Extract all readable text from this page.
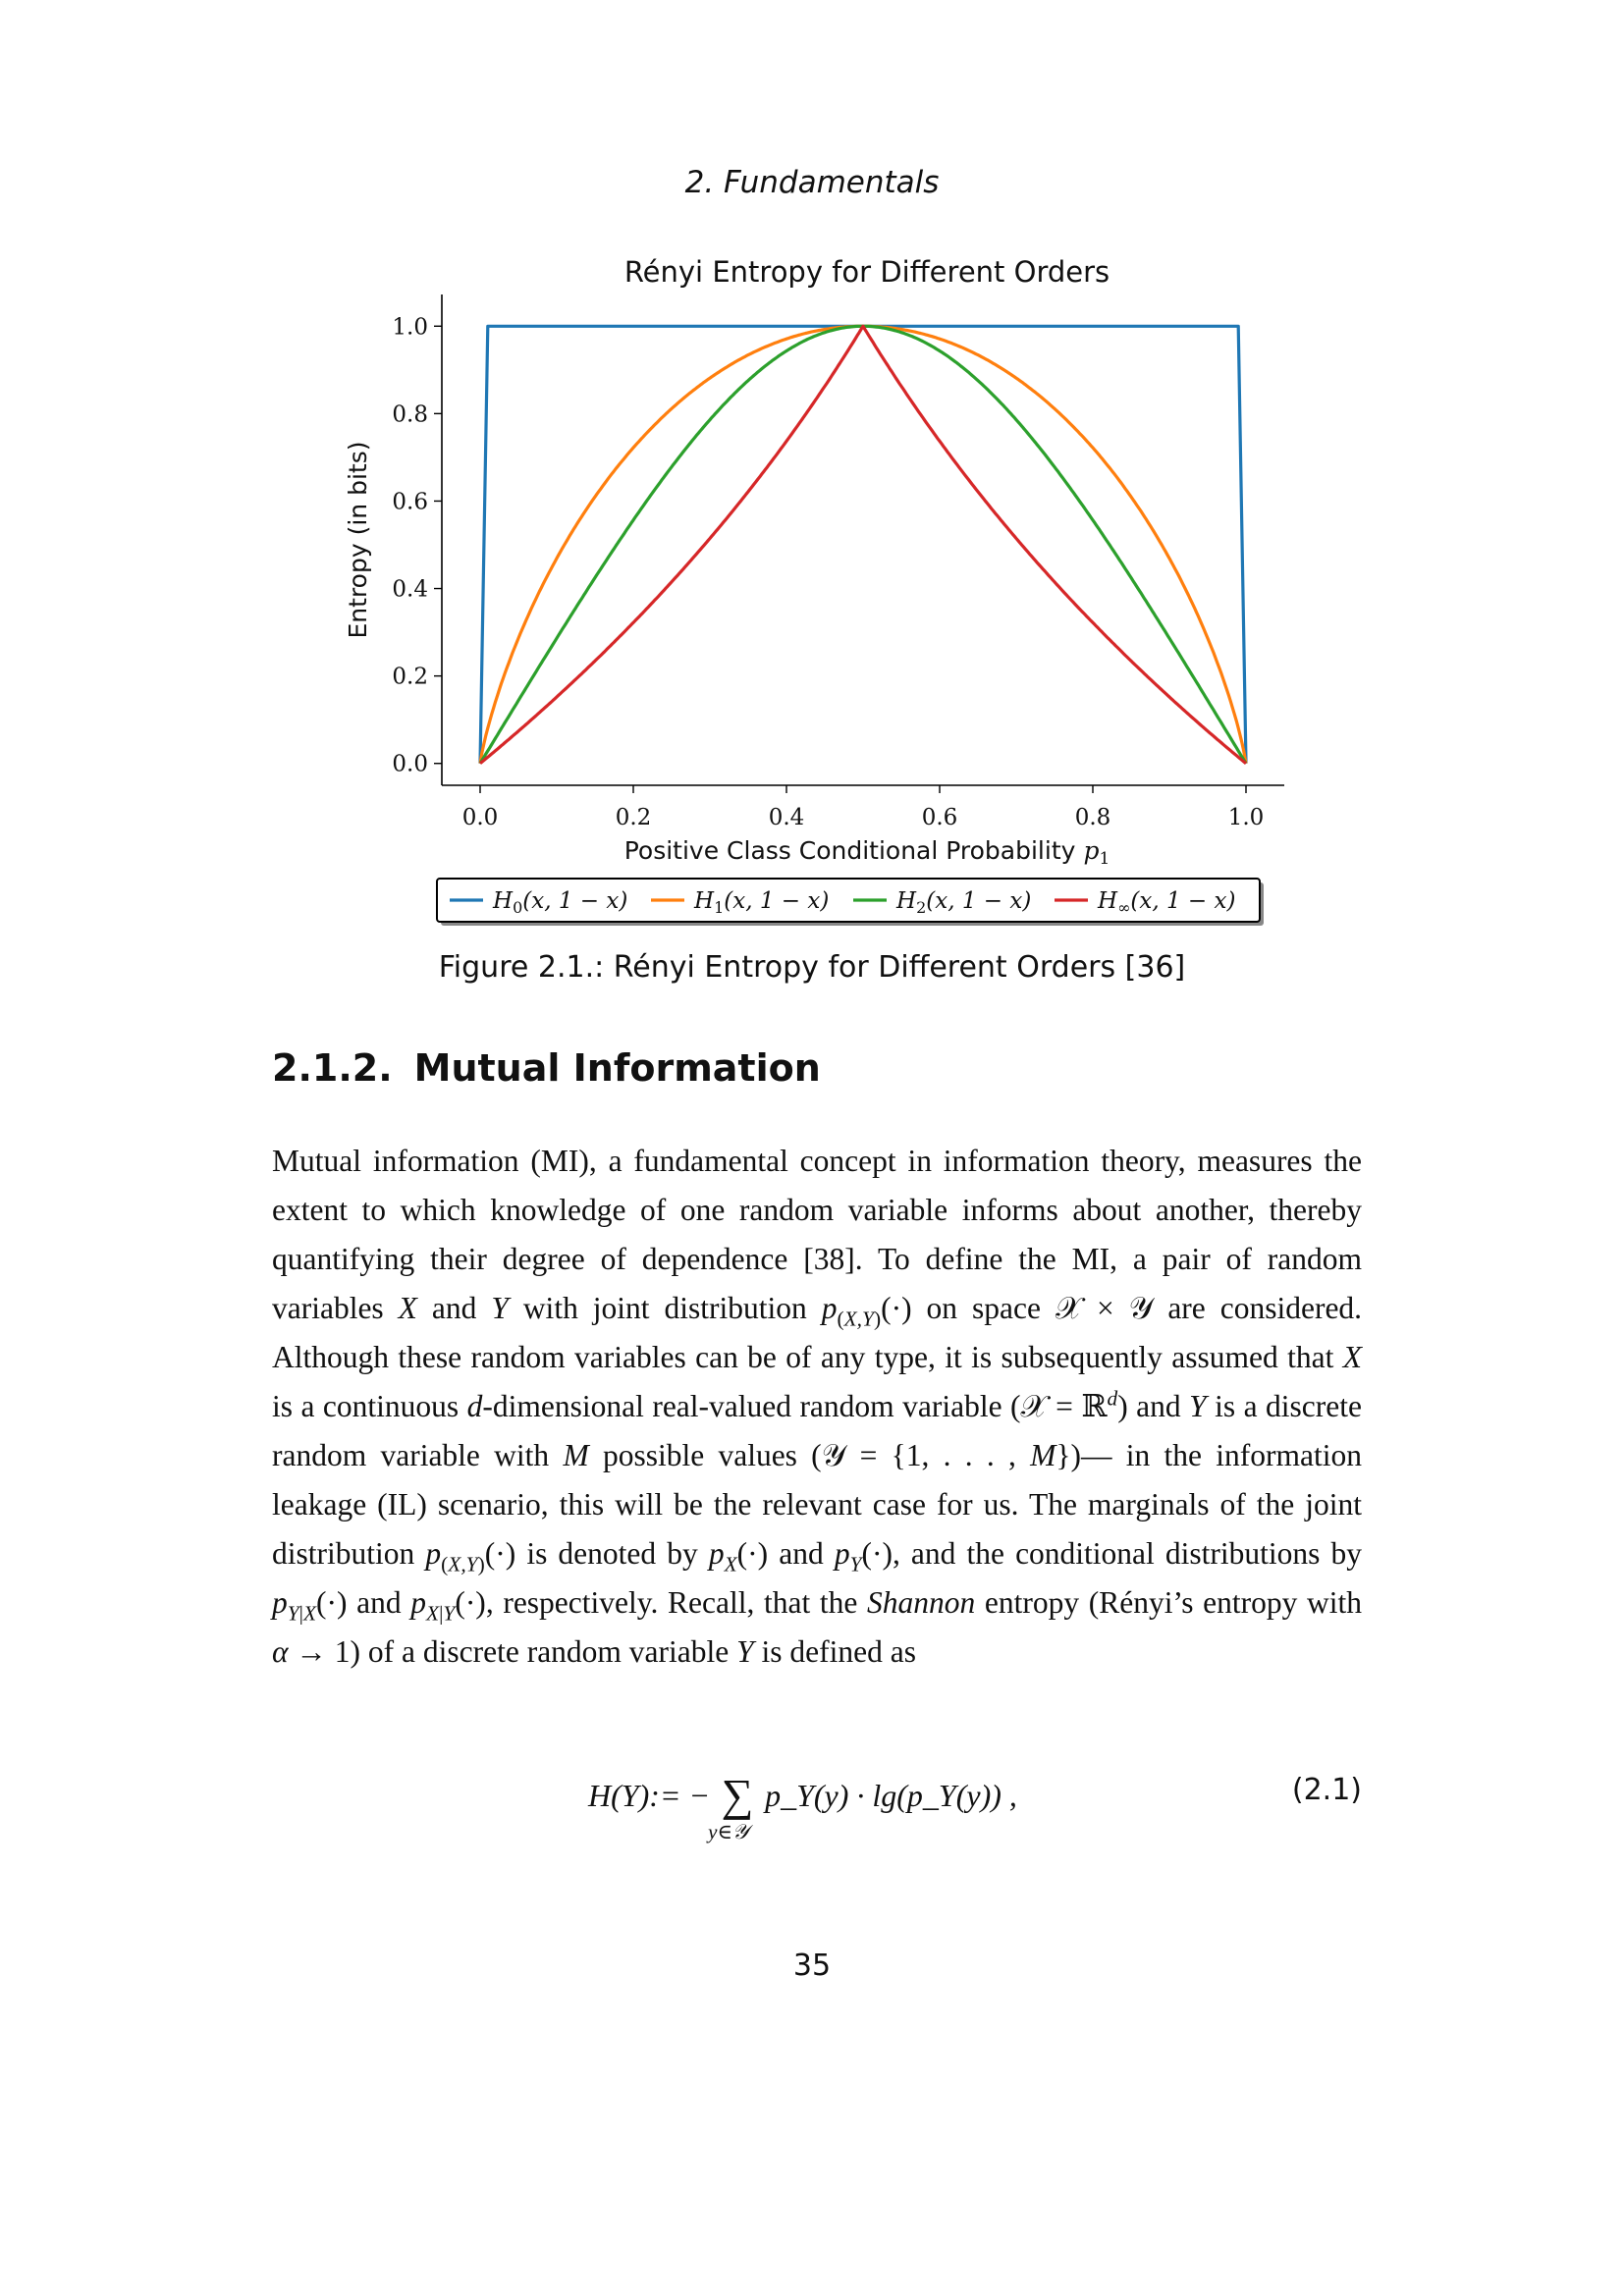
2. Fundamentals
Rényi Entropy for Different Orders
0.0	0.2	0.4	0.6	0.8	1.0
0.0
0.2
0.4
0.6
0.8
1.0
Entropy (in bits)
Positive Class Conditional Probability $p_1$
$H_0(x$, 1 − x)	$H_1(x$, 1 − x)	$H_2(x$, 1 − x)	$H_\infty(x$, 1 − x)
Figure 2.1.: Rényi Entropy for Different Orders [36]
2.1.2. Mutual Information
Mutual information (MI), a fundamental concept in information theory, measures the extent to which knowledge of one random variable informs about another, thereby quantifying their degree of dependence [38]. To define the MI, a pair of random variables X and Y with joint distribution $p_{(X,Y)}(\cdot)$ on space 𝒳 × 𝒴 are considered. Although these random variables can be of any type, it is subsequently assumed that X is a continuous d-dimensional real-valued random variable (𝒳 = ℝ$^d$) and Y is a discrete random variable with M possible values (𝒴 = {1, . . . , M})— in the information leakage (IL) scenario, this will be the relevant case for us. The marginals of the joint distribution $p_{(X,Y)}(\cdot)$ is denoted by $p_X(\cdot)$ and $p_Y(\cdot)$, and the conditional distributions by $p_{Y|X}(\cdot)$ and $p_{X|Y}(\cdot)$, respectively. Recall, that the Shannon entropy (Rényi’s entropy with α → 1) of a discrete random variable Y is defined as
H(Y):= − ∑
y∈𝒴
p_Y(y) · lg(p_Y(y)) ,	(2.1)
35
